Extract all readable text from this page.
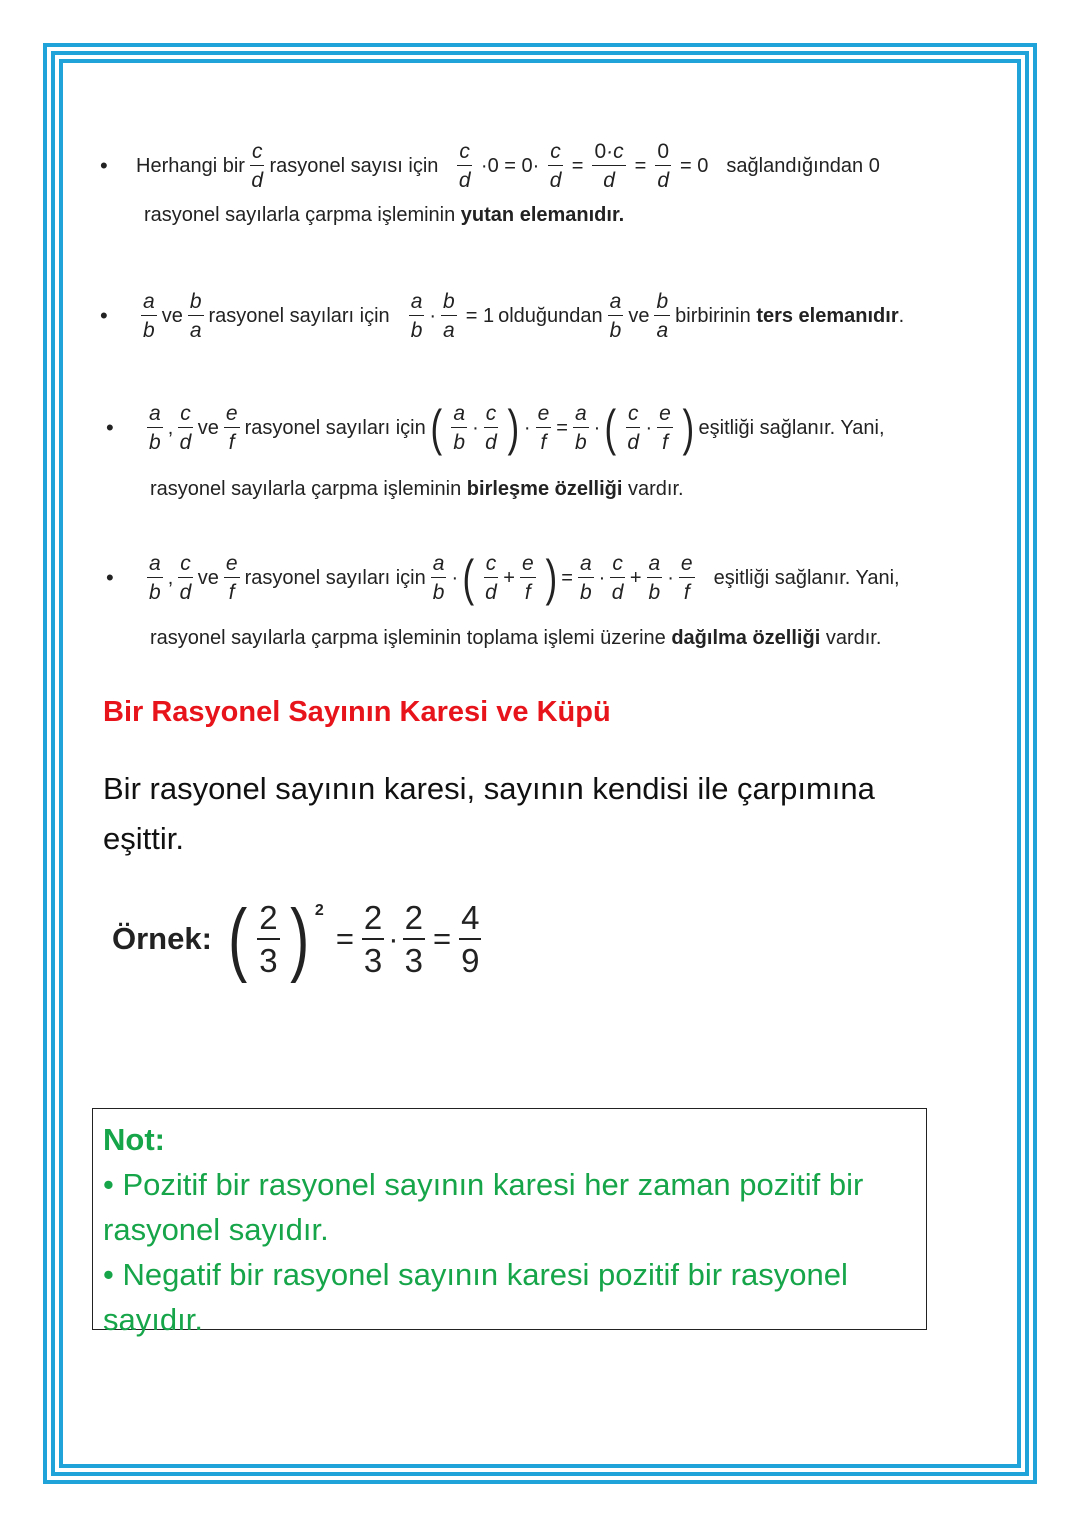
•	Herhangi bir $\frac{c}{d}$ rasyonel sayısı için $\frac{c}{d} \cdot 0 = 0\cdot \frac{c}{d} = \frac{0\cdot c}{d} = \frac{0}{d} = 0$ sağlandığından 0
rasyonel sayılarla çarpma işleminin
yutan elemanıdır.
•	$\frac{a}{b}$ ve $\frac{b}{a}$ rasyonel sayıları için $\frac{a}{b} \cdot \frac{b}{a} = 1$ olduğundan $\frac{a}{b}$ ve $\frac{b}{a}$ birbirinin
ters elemanıdır .
•	$\frac{a}{b}$ , $\frac{c}{d}$ ve $\frac{e}{f}$ rasyonel sayıları için ( $\frac{a}{b} \cdot \frac{c}{d}$ ) · $\frac{e}{f} = \frac{a}{b}$ · ( $\frac{c}{d} \cdot \frac{e}{f}$ ) eşitliği sağlanır. Yani,
rasyonel sayılarla çarpma işleminin
birleşme
özelliği
vardır.
•	$\frac{a}{b}$ , $\frac{c}{d}$ ve $\frac{e}{f}$ rasyonel sayıları için $\frac{a}{b}$ · ( $\frac{c}{d} + \frac{e}{f}$ ) = $\frac{a}{b} \cdot \frac{c}{d} + \frac{a}{b} \cdot \frac{e}{f}$ eşitliği sağlanır. Yani,
rasyonel sayılarla çarpma işleminin toplama işlemi üzerine
dağılma
özelliği
vardır.
Bir Rasyonel Sayının Karesi ve Küpü
Bir rasyonel sayının karesi, sayının kendisi ile çarpımına eşittir.
Örnek: ( $\frac{2}{3}$ ) $^2$
= $\frac{2}{3} \cdot \frac{2}{3} = \frac{4}{9}$
Not:
• Pozitif bir rasyonel sayının karesi her zaman pozitif bir rasyonel sayıdır.
• Negatif bir rasyonel sayının karesi pozitif bir rasyonel sayıdır.
